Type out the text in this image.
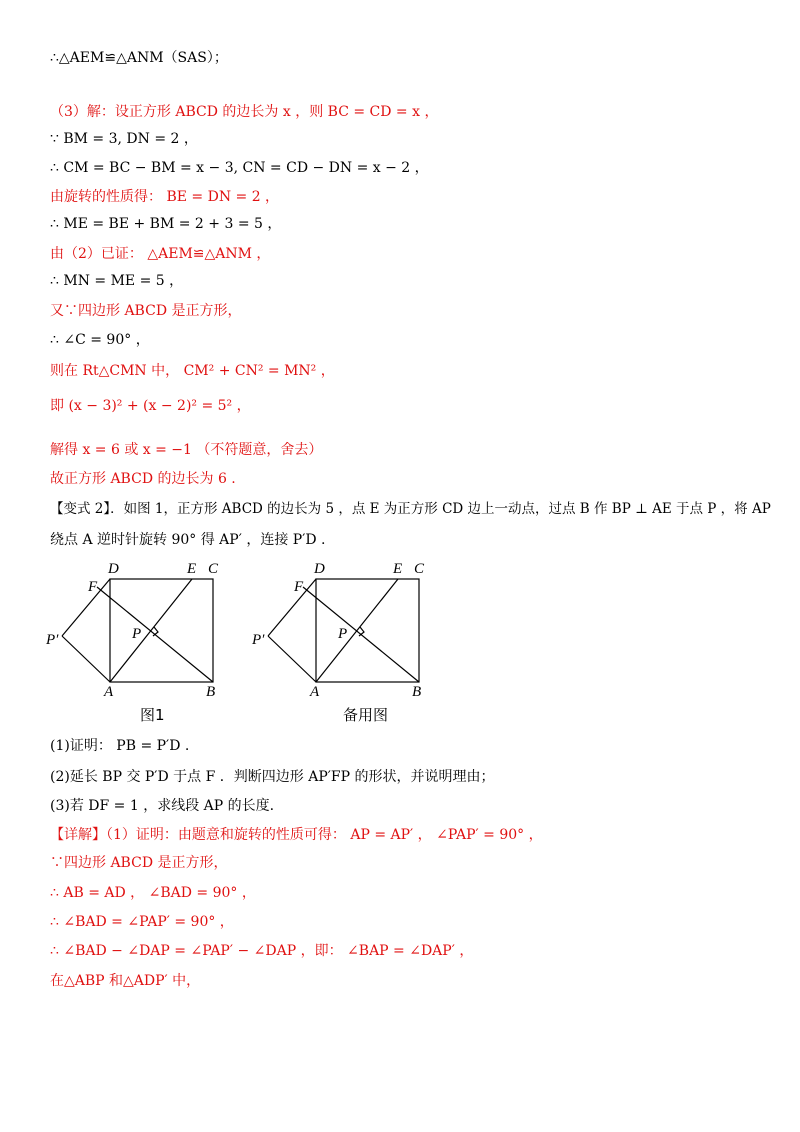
∴△AEM≌△ANM（SAS）；
（3）解：设正方形 ABCD 的边长为 x ，则 BC = CD = x ，
∵ BM = 3, DN = 2 ，
∴ CM = BC − BM = x − 3, CN = CD − DN = x − 2 ，
由旋转的性质得： BE = DN = 2 ，
∴ ME = BE + BM = 2 + 3 = 5 ，
由（2）已证： △AEM≌△ANM ，
∴ MN = ME = 5 ，
又∵四边形 ABCD 是正方形，
∴ ∠C = 90° ，
则在 Rt△CMN 中， CM² + CN² = MN² ，
即 (x − 3)² + (x − 2)² = 5² ，
解得 x = 6 或 x = −1 （不符题意，舍去）
故正方形 ABCD 的边长为 6 .
【变式 2】．如图 1，正方形 ABCD 的边长为 5 ，点 E 为正方形 CD 边上一动点，过点 B 作 BP ⊥ AE 于点 P ，将 AP
绕点 A 逆时针旋转 90° 得 AP′ ，连接 P′D .
D	E C
F
P
P′
A	B
图1
D	E C
F
P
P′
A	B
备用图
(1)证明： PB = P′D .
(2)延长 BP 交 P′D 于点 F ．判断四边形 AP′FP 的形状，并说明理由；
(3)若 DF = 1 ，求线段 AP 的长度.
【详解】（1）证明：由题意和旋转的性质可得： AP = AP′ ， ∠PAP′ = 90° ，
∵四边形 ABCD 是正方形，
∴ AB = AD ， ∠BAD = 90° ，
∴ ∠BAD = ∠PAP′ = 90° ，
∴ ∠BAD − ∠DAP = ∠PAP′ − ∠DAP ，即： ∠BAP = ∠DAP′ ，
在△ABP 和△ADP′ 中，
